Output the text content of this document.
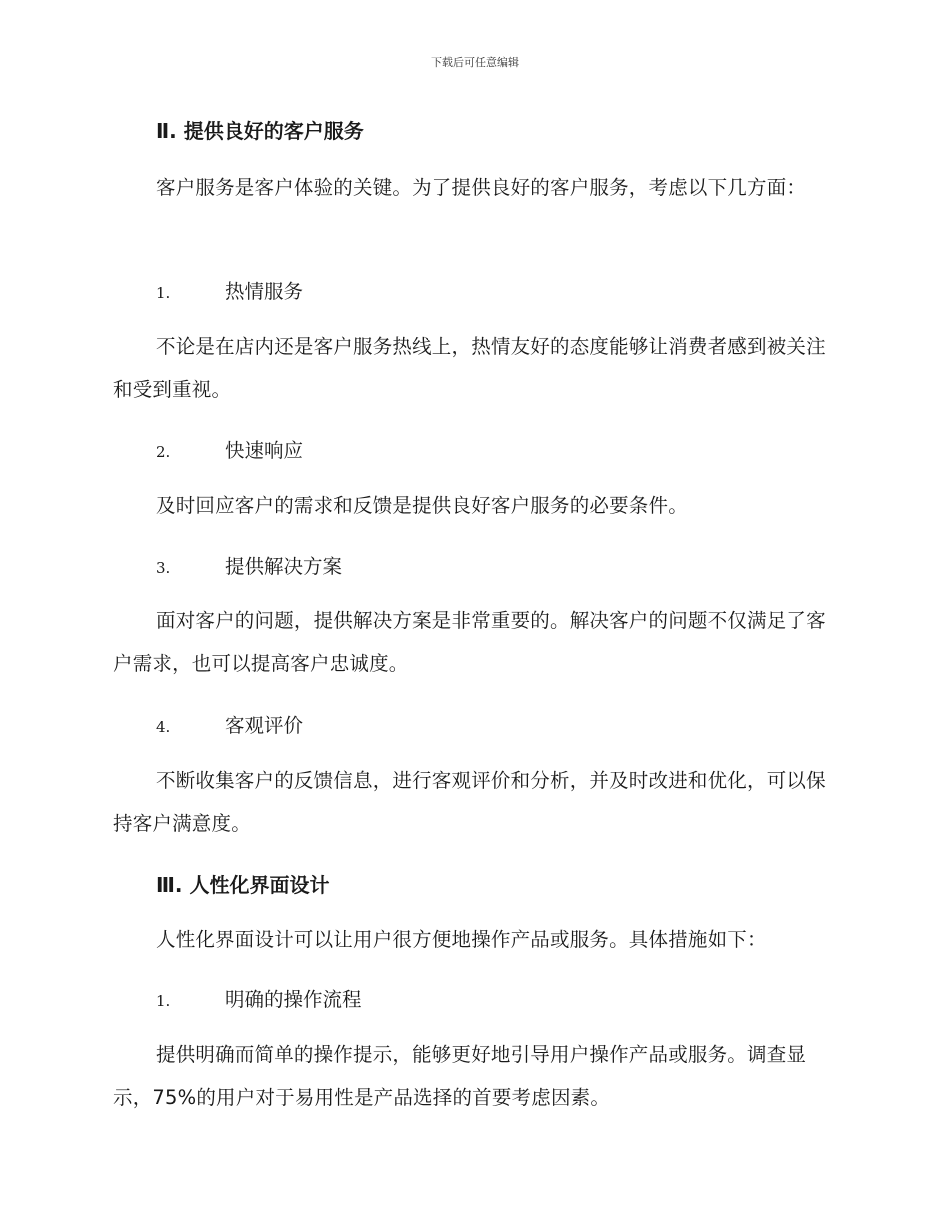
下载后可任意编辑
Ⅱ. 提供良好的客户服务
客户服务是客户体验的关键。为了提供良好的客户服务，考虑以下几方面：
1.	热情服务
不论是在店内还是客户服务热线上，热情友好的态度能够让消费者感到被关注和受到重视。
2.	快速响应
及时回应客户的需求和反馈是提供良好客户服务的必要条件。
3.	提供解决方案
面对客户的问题，提供解决方案是非常重要的。解决客户的问题不仅满足了客户需求，也可以提高客户忠诚度。
4.	客观评价
不断收集客户的反馈信息，进行客观评价和分析，并及时改进和优化，可以保持客户满意度。
Ⅲ. 人性化界面设计
人性化界面设计可以让用户很方便地操作产品或服务。具体措施如下：
1.	明确的操作流程
提供明确而简单的操作提示，能够更好地引导用户操作产品或服务。调查显示，75%的用户对于易用性是产品选择的首要考虑因素。
